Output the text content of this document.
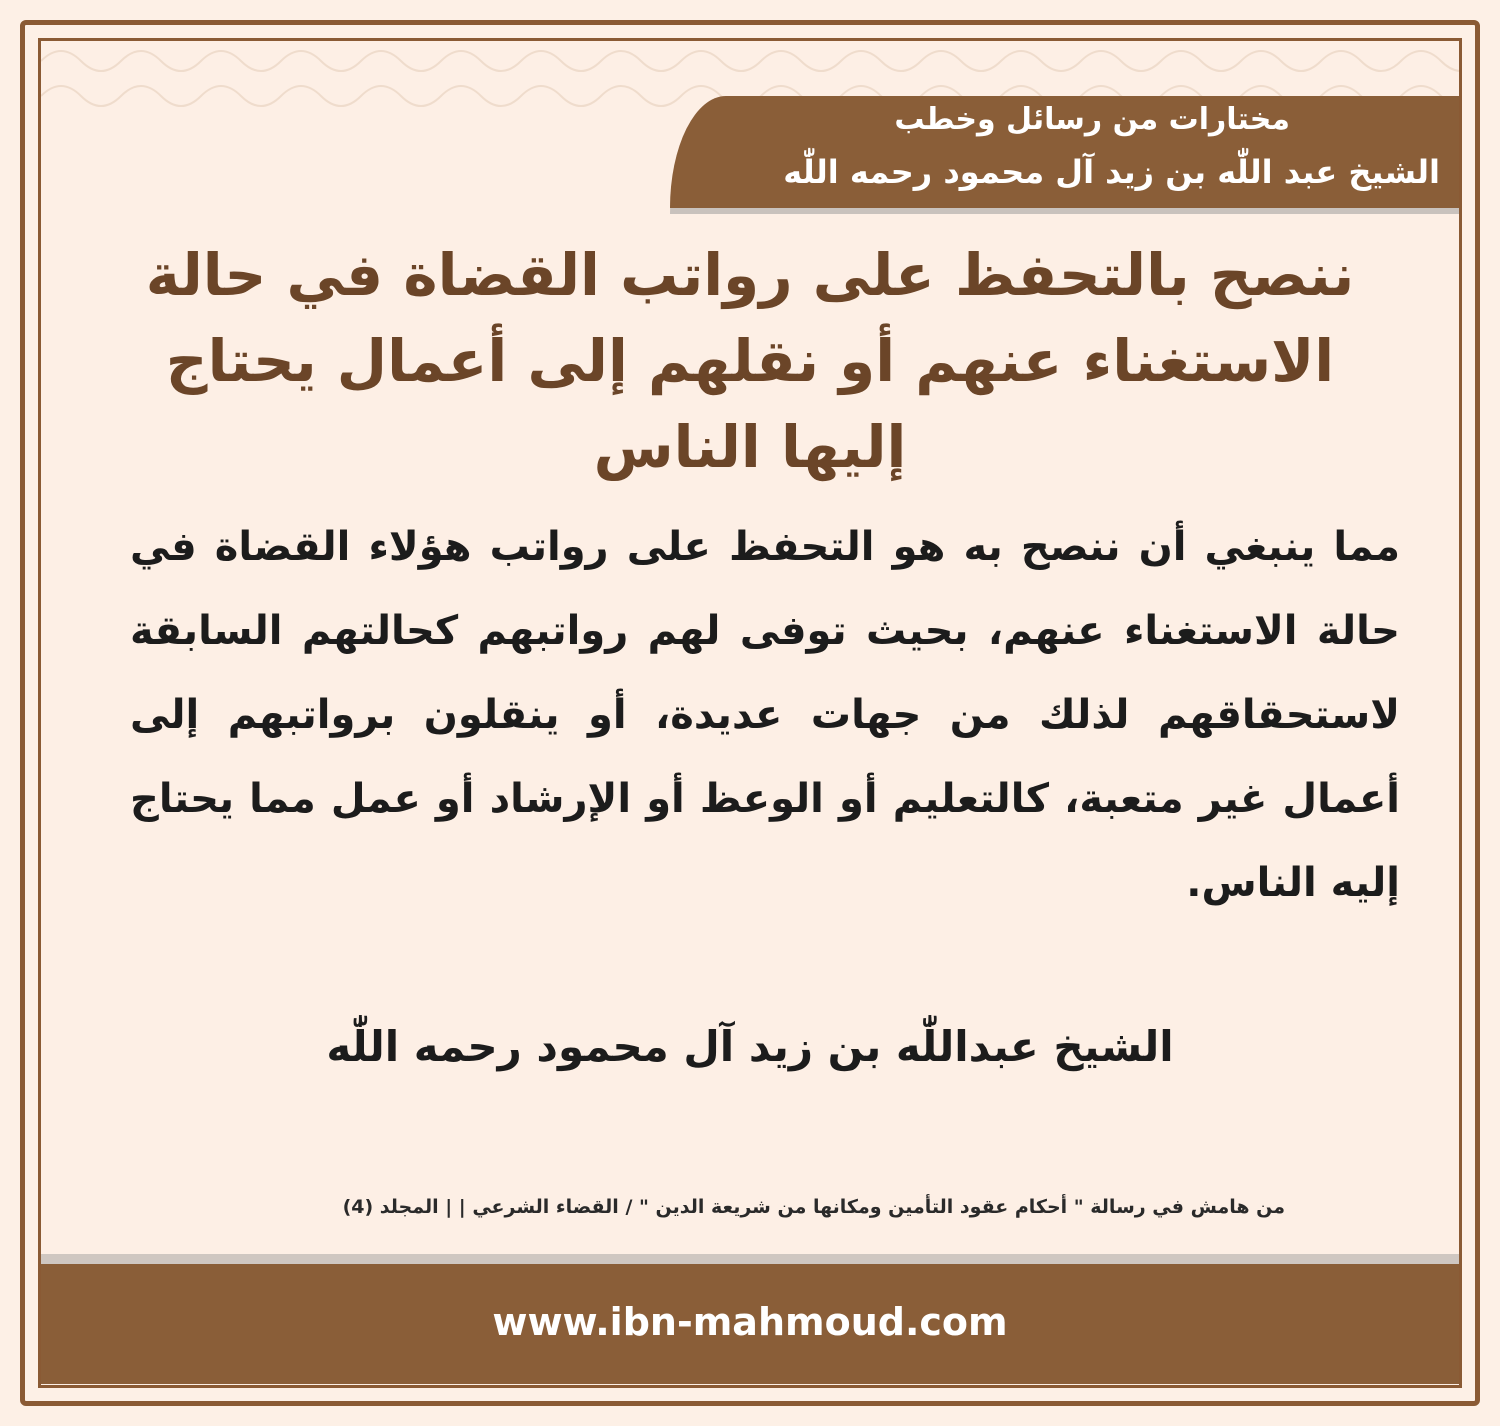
مختارات من رسائل وخطب
الشيخ عبد اللّٰه بن زيد آل محمود رحمه اللّٰه
ننصح بالتحفظ على رواتب القضاة في حالة الاستغناء عنهم أو نقلهم إلى أعمال يحتاج إليها الناس
مما ينبغي أن ننصح به هو التحفظ على رواتب هؤلاء القضاة في حالة الاستغناء عنهم، بحيث توفى لهم رواتبهم كحالتهم السابقة لاستحقاقهم لذلك من جهات عديدة، أو ينقلون برواتبهم إلى أعمال غير متعبة، كالتعليم أو الوعظ أو الإرشاد أو عمل مما يحتاج إليه الناس.
الشيخ عبداللّٰه بن زيد آل محمود رحمه اللّٰه
من هامش في رسالة " أحكام عقود التأمين ومكانها من شريعة الدين " / القضاء الشرعي | | المجلد (4)
www.ibn-mahmoud.com
